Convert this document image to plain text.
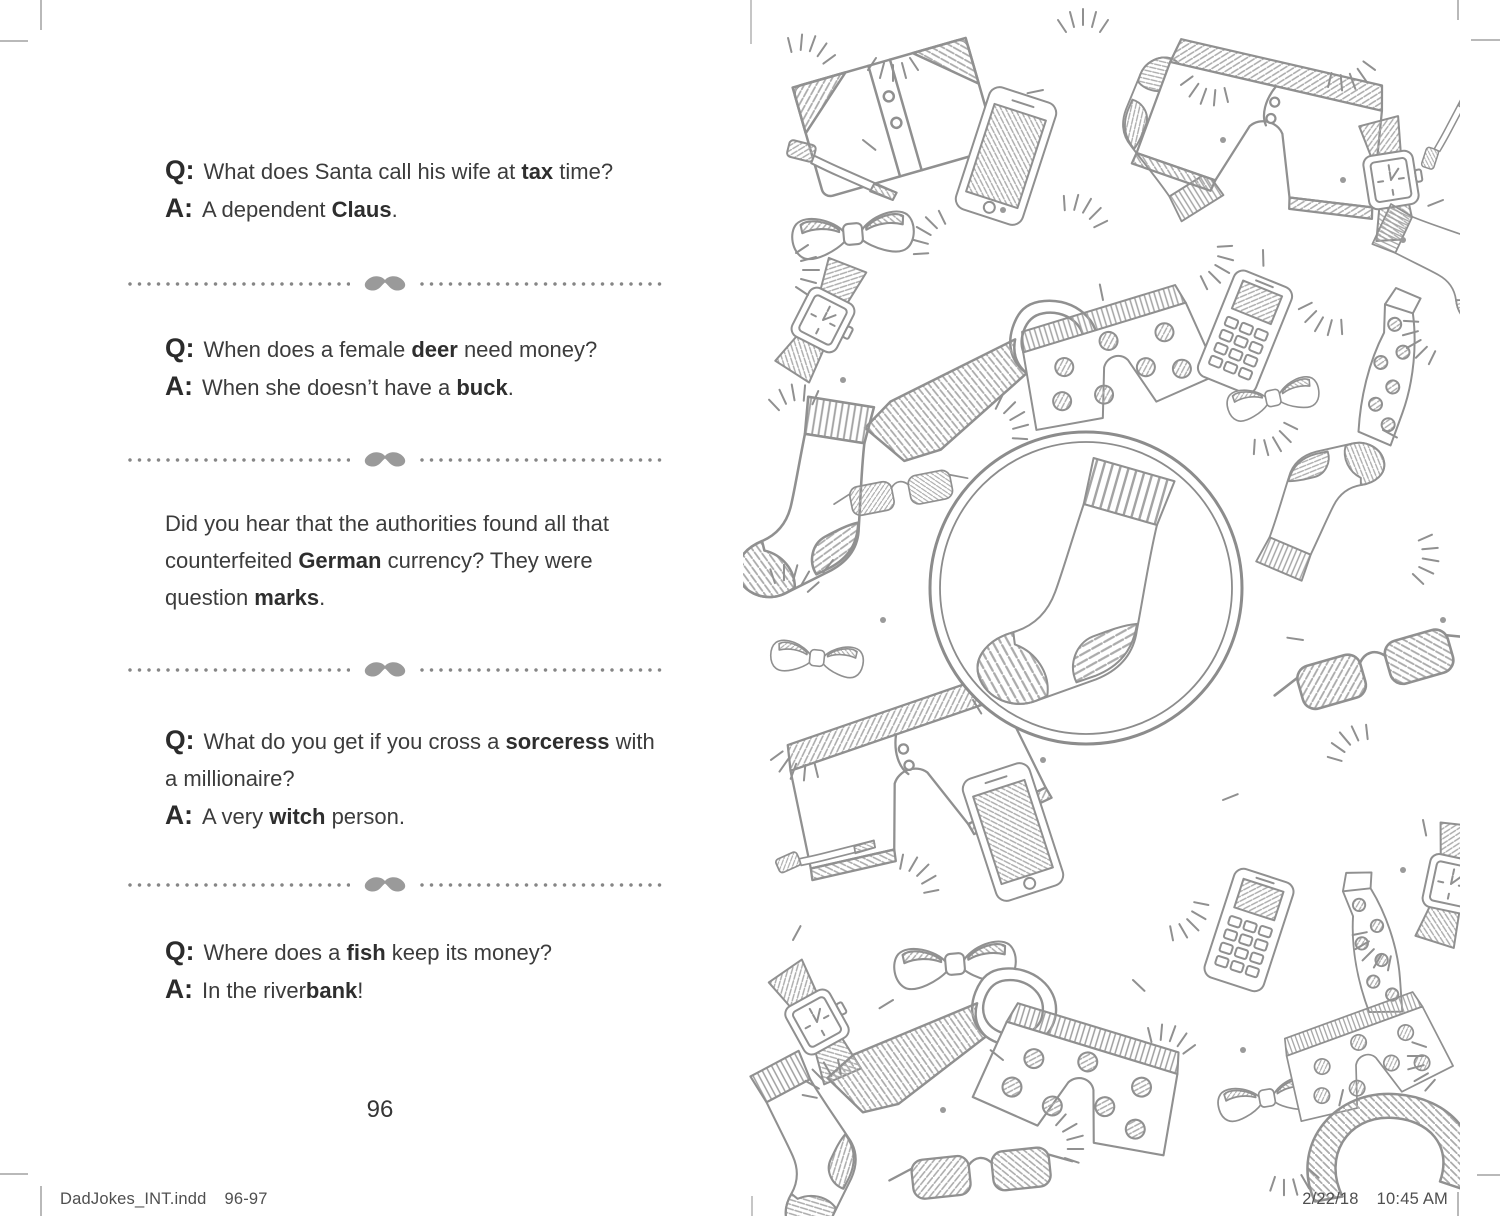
Q: What does Santa call his wife at tax time?
A: A dependent Claus.
Q: When does a female deer need money?
A: When she doesn’t have a buck.
Did you hear that the authorities found all that
counterfeited German currency? They were
question marks.
Q: What do you get if you cross a sorceress with
a millionaire?
A: A very witch person.
Q: Where does a fish keep its money?
A: In the riverbank!
96
DadJokes_INT.indd 96-97	2/22/18 10:45 AM
